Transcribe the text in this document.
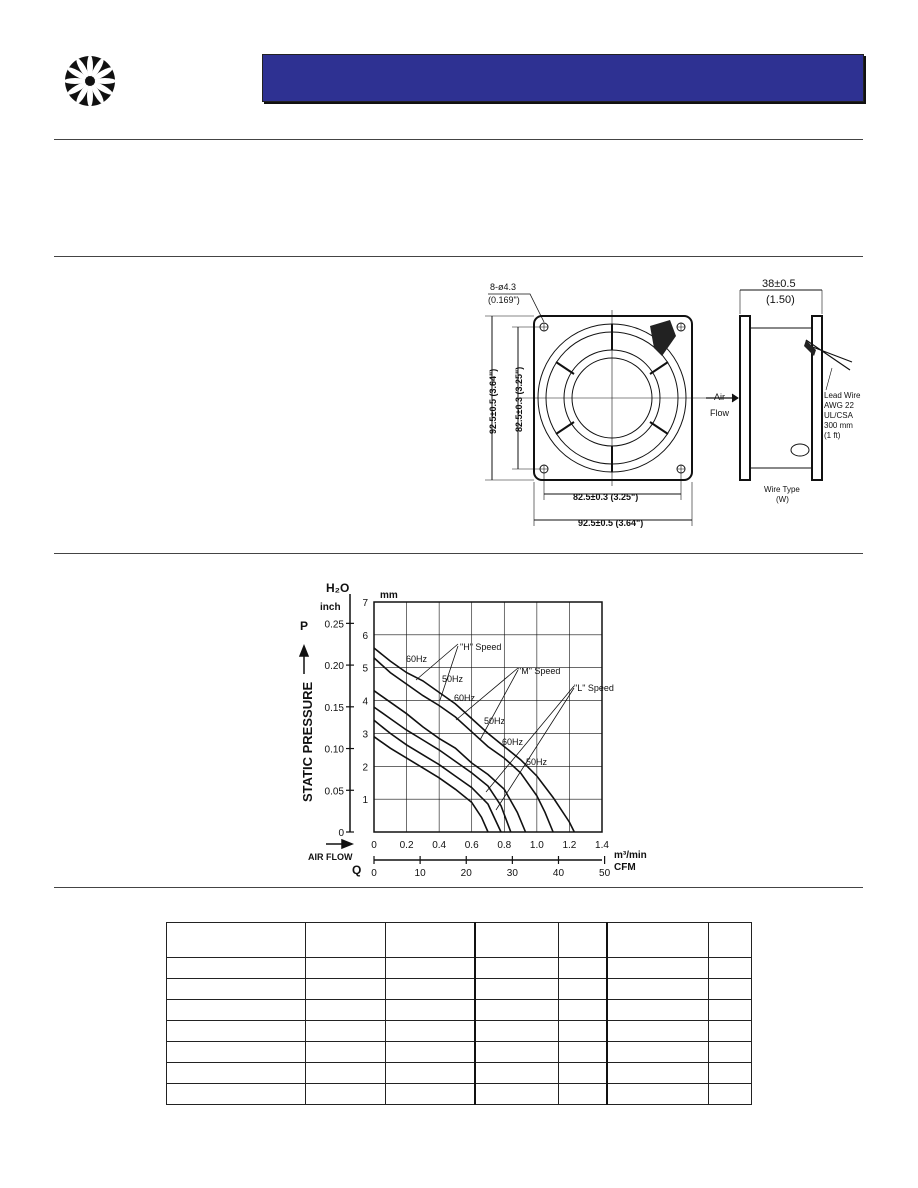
8-ø4.3
(0.169")
92.5±0.5 (3.64") 82.5±0.3 (3.25")
82.5±0.3 (3.25")
92.5±0.5 (3.64")
38±0.5
(1.50)
Air
Flow
Lead Wire
AWG 22
UL/CSA
300 mm
(1 ft)
Wire Type
(W)
H₂O
inch
mm
P
STATIC PRESSURE
AIR FLOW
Q
m³/min
CFM
"H" Speed
"M" Speed
"L" Speed
60Hz
50Hz
60Hz
50Hz
60Hz
50Hz
0
0.05
0.10
0.15
0.20
0.25
1
2
3
4
5
6
7
0 0.2 0.4 0.6 0.8 1.0 1.2 1.4
0	10	20	30	40	50
